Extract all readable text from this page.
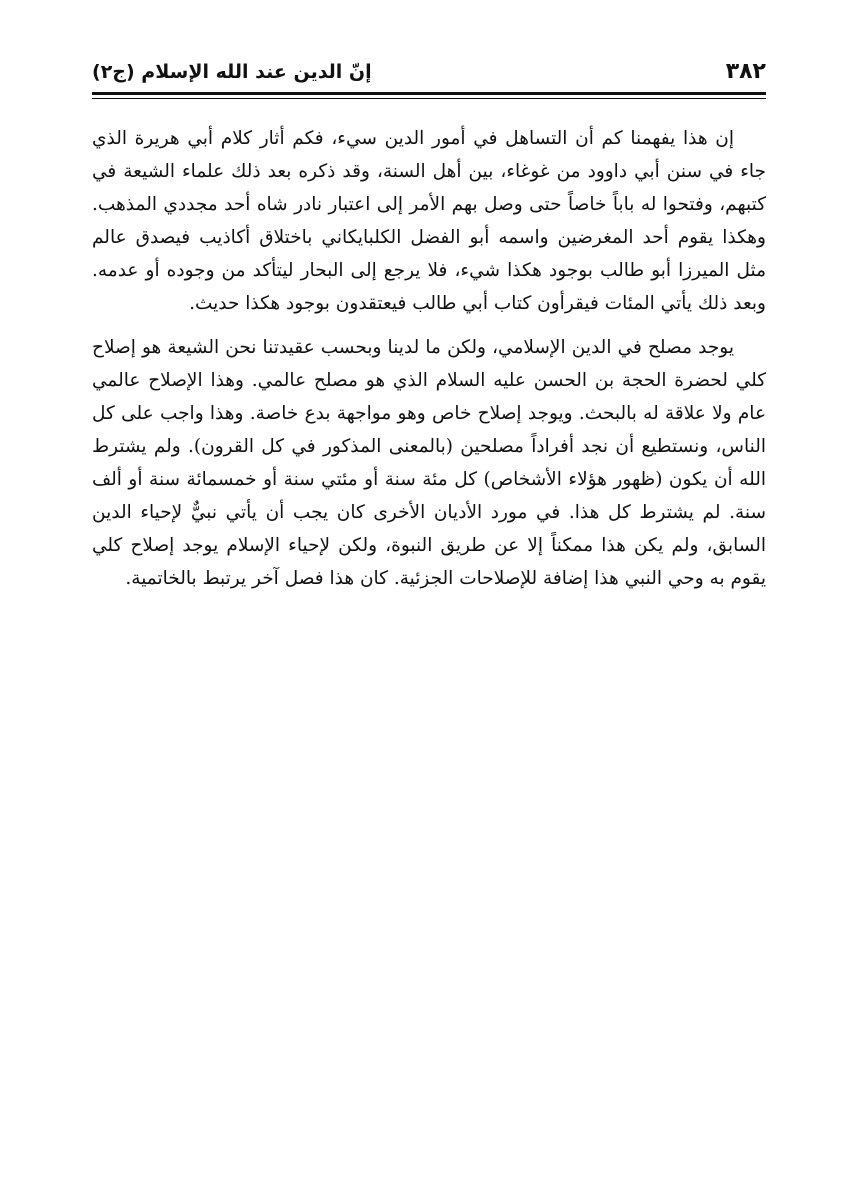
٣٨٢
إنّ الدين عند الله الإسلام (ج٢)

إن هذا يفهمنا كم أن التساهل في أمور الدين سيء، فكم أثار كلام أبي هريرة الذي جاء في سنن أبي داوود من غوغاء، بين أهل السنة، وقد ذكره بعد ذلك علماء الشيعة في كتبهم، وفتحوا له باباً خاصاً حتى وصل بهم الأمر إلى اعتبار نادر شاه أحد مجددي المذهب. وهكذا يقوم أحد المغرضين واسمه أبو الفضل الكلبايكاني باختلاق أكاذيب فيصدق عالم مثل الميرزا أبو طالب بوجود هكذا شيء، فلا يرجع إلى البحار ليتأكد من وجوده أو عدمه. وبعد ذلك يأتي المئات فيقرأون كتاب أبي طالب فيعتقدون بوجود هكذا حديث.

يوجد مصلح في الدين الإسلامي، ولكن ما لدينا وبحسب عقيدتنا نحن الشيعة هو إصلاح كلي لحضرة الحجة بن الحسن عليه السلام الذي هو مصلح عالمي. وهذا الإصلاح عالمي عام ولا علاقة له بالبحث. ويوجد إصلاح خاص وهو مواجهة بدع خاصة. وهذا واجب على كل الناس، ونستطيع أن نجد أفراداً مصلحين (بالمعنى المذكور في كل القرون). ولم يشترط الله أن يكون (ظهور هؤلاء الأشخاص) كل مئة سنة أو مئتي سنة أو خمسمائة سنة أو ألف سنة. لم يشترط كل هذا. في مورد الأديان الأخرى كان يجب أن يأتي نبيٌّ لإحياء الدين السابق، ولم يكن هذا ممكناً إلا عن طريق النبوة، ولكن لإحياء الإسلام يوجد إصلاح كلي يقوم به وحي النبي هذا إضافة للإصلاحات الجزئية. كان هذا فصل آخر يرتبط بالخاتمية.
